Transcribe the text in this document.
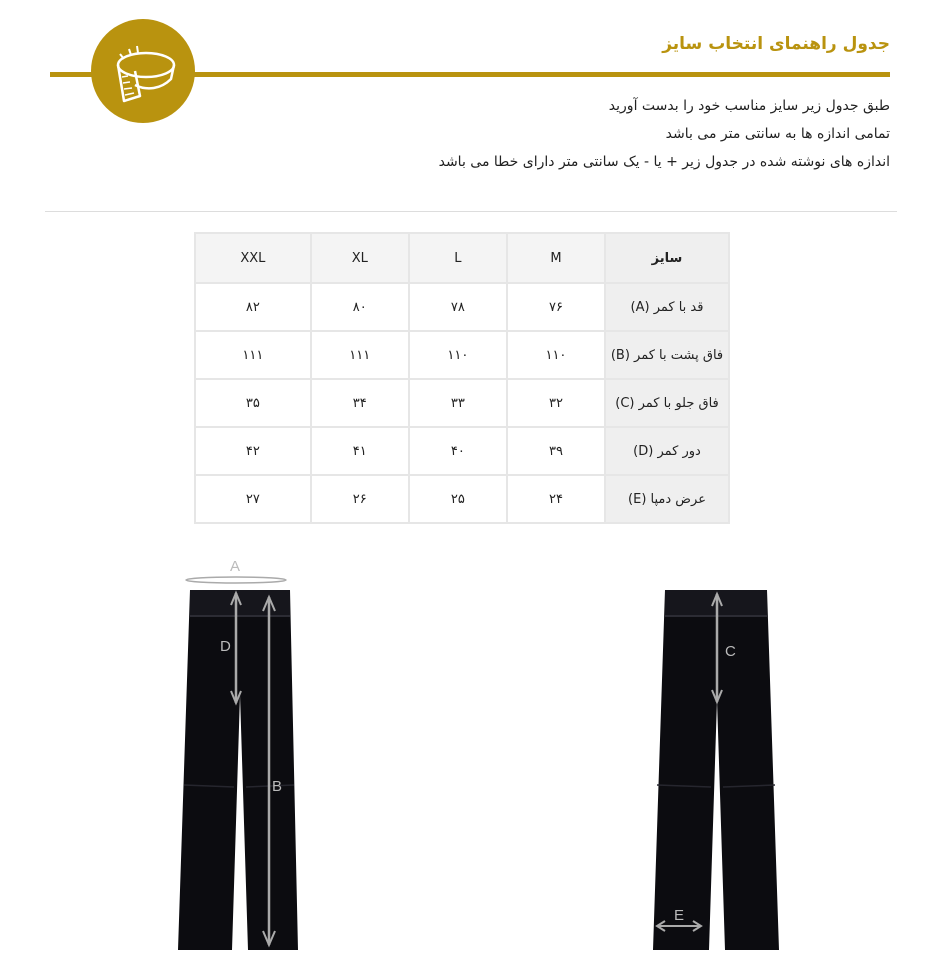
جدول راهنمای انتخاب سایز
طبق جدول زیر سایز مناسب خود را بدست آورید
تمامی اندازه ها به سانتی متر می باشد
اندازه های نوشته شده در جدول زیر + یا - یک سانتی متر دارای خطا می باشد
سایز	M	L	XL	XXL
قد با کمر (A)	۷۶	۷۸	۸۰	۸۲
فاق پشت با کمر (B)	۱۱۰	۱۱۰	۱۱۱	۱۱۱
فاق جلو با کمر (C)	۳۲	۳۳	۳۴	۳۵
دور کمر (D)	۳۹	۴۰	۴۱	۴۲
عرض دمپا (E)	۲۴	۲۵	۲۶	۲۷
A
D
B
C
E
